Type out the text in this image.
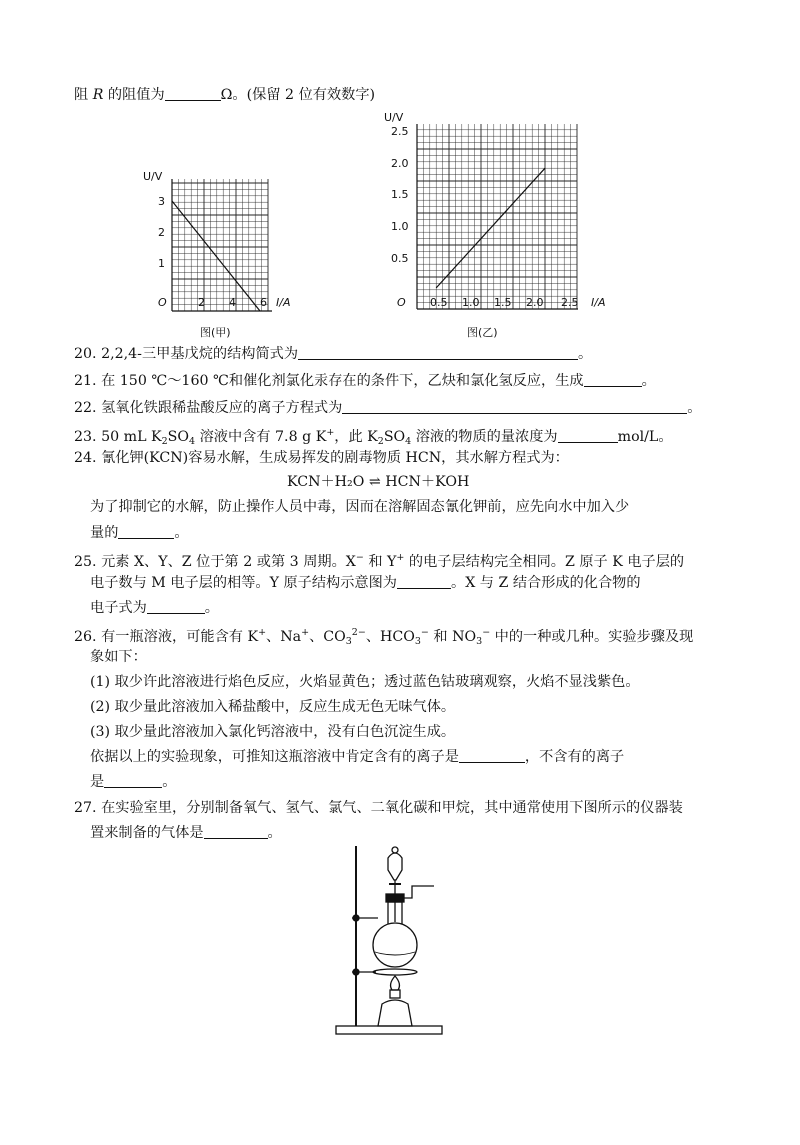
阻 R 的阻值为	Ω。(保留 2 位有效数字)
U/V
O
3
2
1
2 4 6 I/A
图(甲)
U/V
O
2.5
2.0
1.5
1.0
0.5
0.5 1.0 1.5 2.0 2.5 I/A
图(乙)
20. 2,2,4-三甲基戊烷的结构简式为	。
21. 在 150 ℃～160 ℃和催化剂氯化汞存在的条件下，乙炔和氯化氢反应，生成	。
22. 氢氧化铁跟稀盐酸反应的离子方程式为	。
23. 50 mL $K_2SO_4$ 溶液中含有 7.8 g K+，此 $K_2SO_4$ 溶液的物质的量浓度为	mol/L。
24. 氰化钾(KCN)容易水解，生成易挥发的剧毒物质 HCN，其水解方程式为：
KCN＋H₂O ⇌ HCN＋KOH
为了抑制它的水解，防止操作人员中毒，因而在溶解固态氰化钾前，应先向水中加入少
量的	。
25. 元素 X、Y、Z 位于第 2 或第 3 周期。X− 和 Y+ 的电子层结构完全相同。Z 原子 K 电子层的
电子数与 M 电子层的相等。Y 原子结构示意图为	。X 与 Z 结合形成的化合物的
电子式为	。
26. 有一瓶溶液，可能含有 K+、Na+、$CO_3^{2-}$、$HCO_3^-$ 和 $NO_3^-$ 中的一种或几种。实验步骤及现
象如下：
(1) 取少许此溶液进行焰色反应，火焰显黄色；透过蓝色钴玻璃观察，火焰不显浅紫色。
(2) 取少量此溶液加入稀盐酸中，反应生成无色无味气体。
(3) 取少量此溶液加入氯化钙溶液中，没有白色沉淀生成。
依据以上的实验现象，可推知这瓶溶液中肯定含有的离子是	，不含有的离子
是	。
27. 在实验室里，分别制备氧气、氢气、氯气、二氧化碳和甲烷，其中通常使用下图所示的仪器装
置来制备的气体是	。
